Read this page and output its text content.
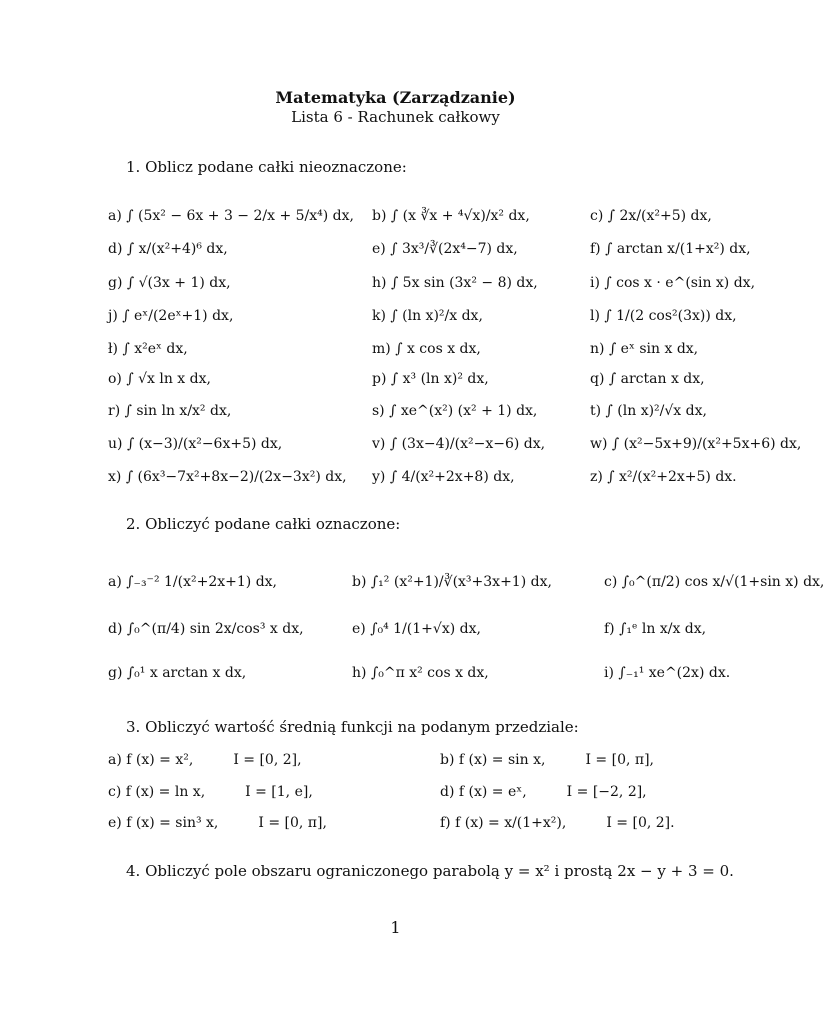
Matematyka (Zarządzanie)
Lista 6 - Rachunek całkowy
1. Oblicz podane całki nieoznaczone:
a) ∫ (5x² − 6x + 3 − 2/x + 5/x⁴) dx, b) ∫ (x ∛x + ⁴√x)/x² dx,	c) ∫ 2x/(x²+5) dx,
d) ∫ x/(x²+4)⁶ dx,	e) ∫ 3x³/∛(2x⁴−7) dx,	f) ∫ arctan x/(1+x²) dx,
g) ∫ √(3x + 1) dx,	h) ∫ 5x sin (3x² − 8) dx,	i) ∫ cos x · e^(sin x) dx,
j) ∫ eˣ/(2eˣ+1) dx,	k) ∫ (ln x)²/x dx,	l) ∫ 1/(2 cos²(3x)) dx,
ł) ∫ x²eˣ dx,	m) ∫ x cos x dx,	n) ∫ eˣ sin x dx,
o) ∫ √x ln x dx,	p) ∫ x³ (ln x)² dx,	q) ∫ arctan x dx,
r) ∫ sin ln x/x² dx,	s) ∫ xe^(x²) (x² + 1) dx,	t) ∫ (ln x)²/√x dx,
u) ∫ (x−3)/(x²−6x+5) dx,	v) ∫ (3x−4)/(x²−x−6) dx,	w) ∫ (x²−5x+9)/(x²+5x+6) dx,
x) ∫ (6x³−7x²+8x−2)/(2x−3x²) dx, y) ∫ 4/(x²+2x+8) dx,	z) ∫ x²/(x²+2x+5) dx.
2. Obliczyć podane całki oznaczone:
a) ∫₋₃⁻² 1/(x²+2x+1) dx,	b) ∫₁² (x²+1)/∛(x³+3x+1) dx,	c) ∫₀^(π/2) cos x/√(1+sin x) dx,
d) ∫₀^(π/4) sin 2x/cos³ x dx,	e) ∫₀⁴ 1/(1+√x) dx,	f) ∫₁ᵉ ln x/x dx,
g) ∫₀¹ x arctan x dx,	h) ∫₀^π x² cos x dx,	i) ∫₋₁¹ xe^(2x) dx.
3. Obliczyć wartość średnią funkcji na podanym przedziale:
a) f (x) = x²,	I = [0, 2],	b) f (x) = sin x,	I = [0, π],
c) f (x) = ln x,	I = [1, e],	d) f (x) = eˣ,	I = [−2, 2],
e) f (x) = sin³ x,	I = [0, π],	f) f (x) = x/(1+x²),	I = [0, 2].
4. Obliczyć pole obszaru ograniczonego parabolą y = x² i prostą 2x − y + 3 = 0.
1
